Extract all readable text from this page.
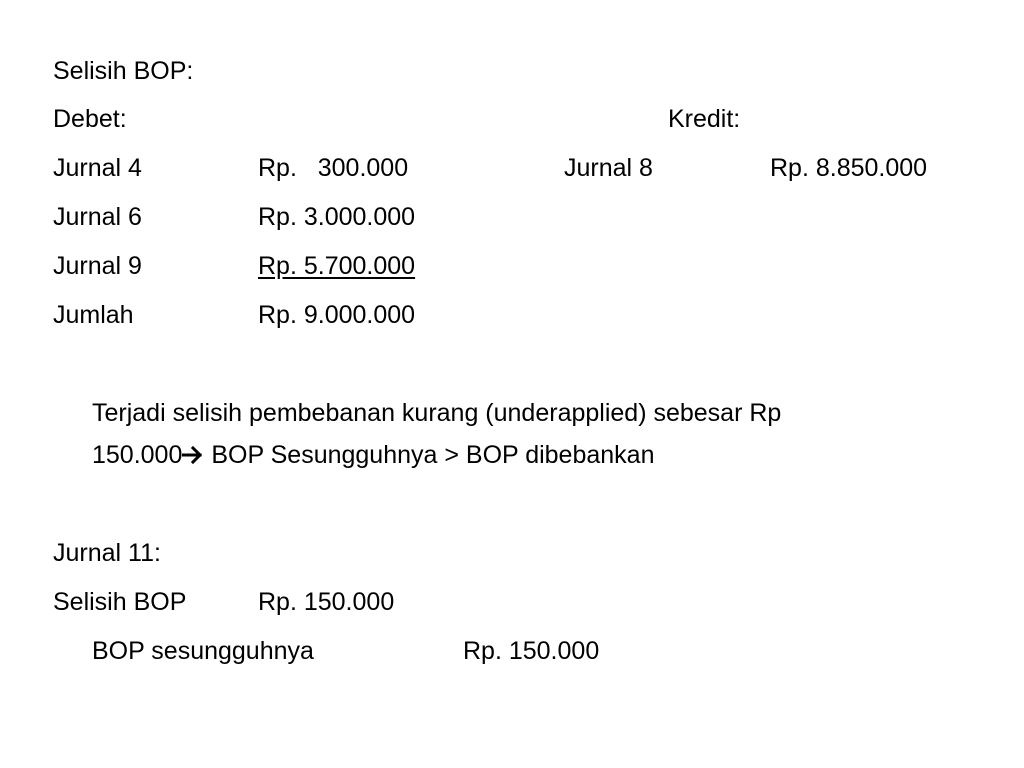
Selisih BOP:
Debet:	Kredit:
Jurnal 4	Rp.   300.000	Jurnal 8	Rp. 8.850.000
Jurnal 6	Rp. 3.000.000
Jurnal 9	Rp. 5.700.000
Jumlah	Rp. 9.000.000
Terjadi selisih pembebanan kurang (underapplied) sebesar Rp
150.000 BOP Sesungguhnya > BOP dibebankan
Jurnal 11:
Selisih BOP	Rp. 150.000
BOP sesungguhnya	Rp. 150.000
